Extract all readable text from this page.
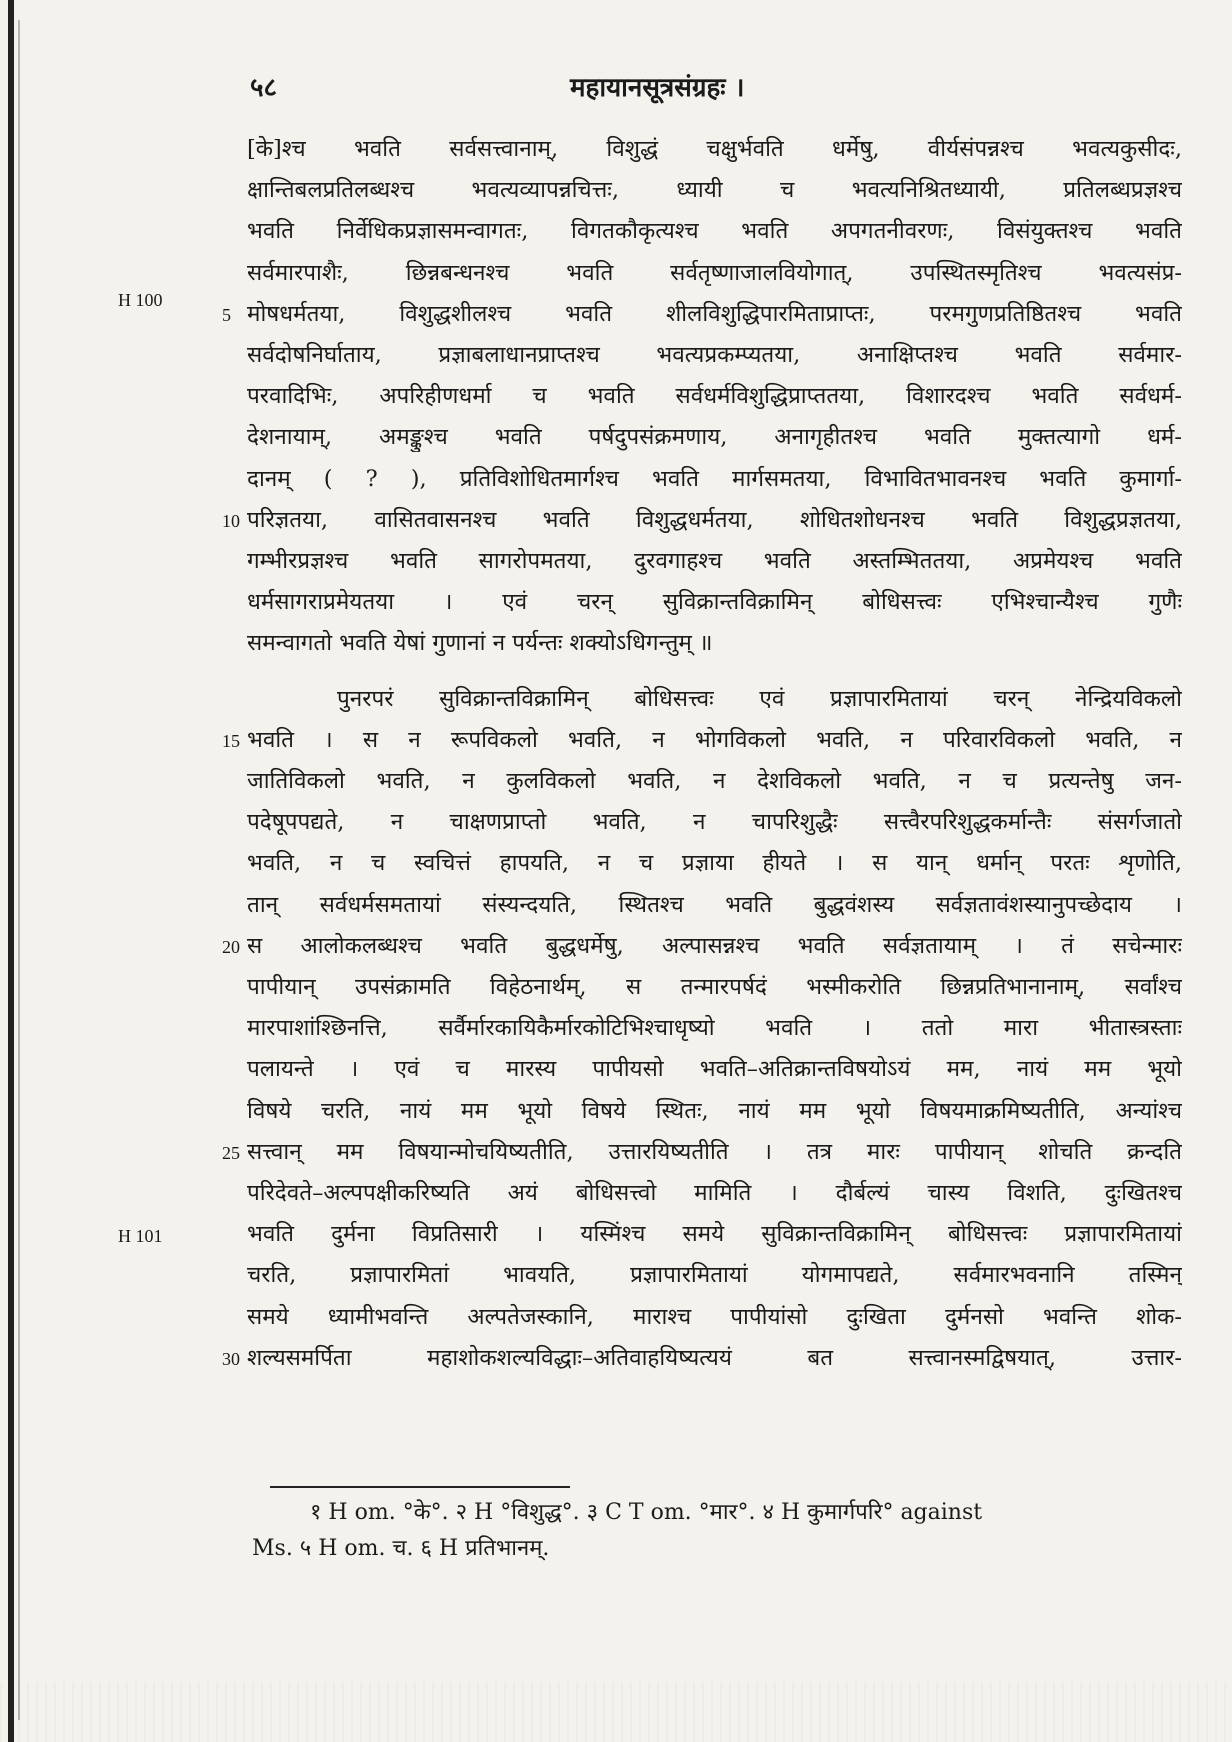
५८	महायानसूत्रसंग्रहः ।
H 100
H 101
[के]श्च भवति सर्वसत्त्वानाम्, विशुद्धं चक्षुर्भवति धर्मेषु, वीर्यसंपन्नश्च भवत्यकुसीदः,
क्षान्तिबलप्रतिलब्धश्च भवत्यव्यापन्नचित्तः, ध्यायी च भवत्यनिश्रितध्यायी, प्रतिलब्धप्रज्ञश्च
भवति निर्वेधिकप्रज्ञासमन्वागतः, विगतकौकृत्यश्च भवति अपगतनीवरणः, विसंयुक्तश्च भवति
सर्वमारपाशैः, छिन्नबन्धनश्च भवति सर्वतृष्णाजालवियोगात्, उपस्थितस्मृतिश्च भवत्यसंप्र-
मोषधर्मतया, विशुद्धशीलश्च भवति शीलविशुद्धिपारमिताप्राप्तः, परमगुणप्रतिष्ठितश्च भवति
5
सर्वदोषनिर्घाताय, प्रज्ञाबलाधानप्राप्तश्च भवत्यप्रकम्प्यतया, अनाक्षिप्तश्च भवति सर्वमार-
परवादिभिः, अपरिहीणधर्मा च भवति सर्वधर्मविशुद्धिप्राप्ततया, विशारदश्च भवति सर्वधर्म-
देशनायाम्, अमङ्कुश्च भवति पर्षदुपसंक्रमणाय, अनागृहीतश्च भवति मुक्तत्यागो धर्म-
दानम् ( ? ), प्रतिविशोधितमार्गश्च भवति मार्गसमतया, विभावितभावनश्च भवति कुमार्गा-
परिज्ञतया, वासितवासनश्च भवति विशुद्धधर्मतया, शोधितशोधनश्च भवति विशुद्धप्रज्ञतया,
10
गम्भीरप्रज्ञश्च भवति सागरोपमतया, दुरवगाहश्च भवति अस्तम्भिततया, अप्रमेयश्च भवति
धर्मसागराप्रमेयतया । एवं चरन् सुविक्रान्तविक्रामिन् बोधिसत्त्वः एभिश्चान्यैश्च गुणैः
समन्वागतो भवति येषां गुणानां न पर्यन्तः शक्योऽधिगन्तुम् ॥
पुनरपरं सुविक्रान्तविक्रामिन् बोधिसत्त्वः एवं प्रज्ञापारमितायां चरन् नेन्द्रियविकलो
भवति । स न रूपविकलो भवति, न भोगविकलो भवति, न परिवारविकलो भवति, न
15
जातिविकलो भवति, न कुलविकलो भवति, न देशविकलो भवति, न च प्रत्यन्तेषु जन-
पदेषूपपद्यते, न चाक्षणप्राप्तो भवति, न चापरिशुद्धैः सत्त्वैरपरिशुद्धकर्मान्तैः संसर्गजातो
भवति, न च स्वचित्तं हापयति, न च प्रज्ञाया हीयते । स यान् धर्मान् परतः शृणोति,
तान् सर्वधर्मसमतायां संस्यन्दयति, स्थितश्च भवति बुद्धवंशस्य सर्वज्ञतावंशस्यानुपच्छेदाय ।
स आलोकलब्धश्च भवति बुद्धधर्मेषु, अल्पासन्नश्च भवति सर्वज्ञतायाम् । तं सचेन्मारः
20
पापीयान् उपसंक्रामति विहेठनार्थम्, स तन्मारपर्षदं भस्मीकरोति छिन्नप्रतिभानानाम्, सर्वांश्च
मारपाशांश्छिनत्ति, सर्वैर्मारकायिकैर्मारकोटिभिश्चाधृष्यो भवति । ततो मारा भीतास्त्रस्ताः
पलायन्ते । एवं च मारस्य पापीयसो भवति–अतिक्रान्तविषयोऽयं मम, नायं मम भूयो
विषये चरति, नायं मम भूयो विषये स्थितः, नायं मम भूयो विषयमाक्रमिष्यतीति, अन्यांश्च
सत्त्वान् मम विषयान्मोचयिष्यतीति, उत्तारयिष्यतीति । तत्र मारः पापीयान् शोचति क्रन्दति
25
परिदेवते–अल्पपक्षीकरिष्यति अयं बोधिसत्त्वो मामिति । दौर्बल्यं चास्य विशति, दुःखितश्च
भवति दुर्मना विप्रतिसारी । यस्मिंश्च समये सुविक्रान्तविक्रामिन् बोधिसत्त्वः प्रज्ञापारमितायां
चरति, प्रज्ञापारमितां भावयति, प्रज्ञापारमितायां योगमापद्यते, सर्वमारभवनानि तस्मिन्
समये ध्यामीभवन्ति अल्पतेजस्कानि, माराश्च पापीयांसो दुःखिता दुर्मनसो भवन्ति शोक-
शल्यसमर्पिता महाशोकशल्यविद्धाः–अतिवाहयिष्यत्ययं बत सत्त्वानस्मद्विषयात्, उत्तार-
30
१ H om. °के°. २ H °विशुद्ध°. ३ C T om. °मार°. ४ H कुमार्गपरि° against
Ms. ५ H om. च. ६ H प्रतिभानम्.
